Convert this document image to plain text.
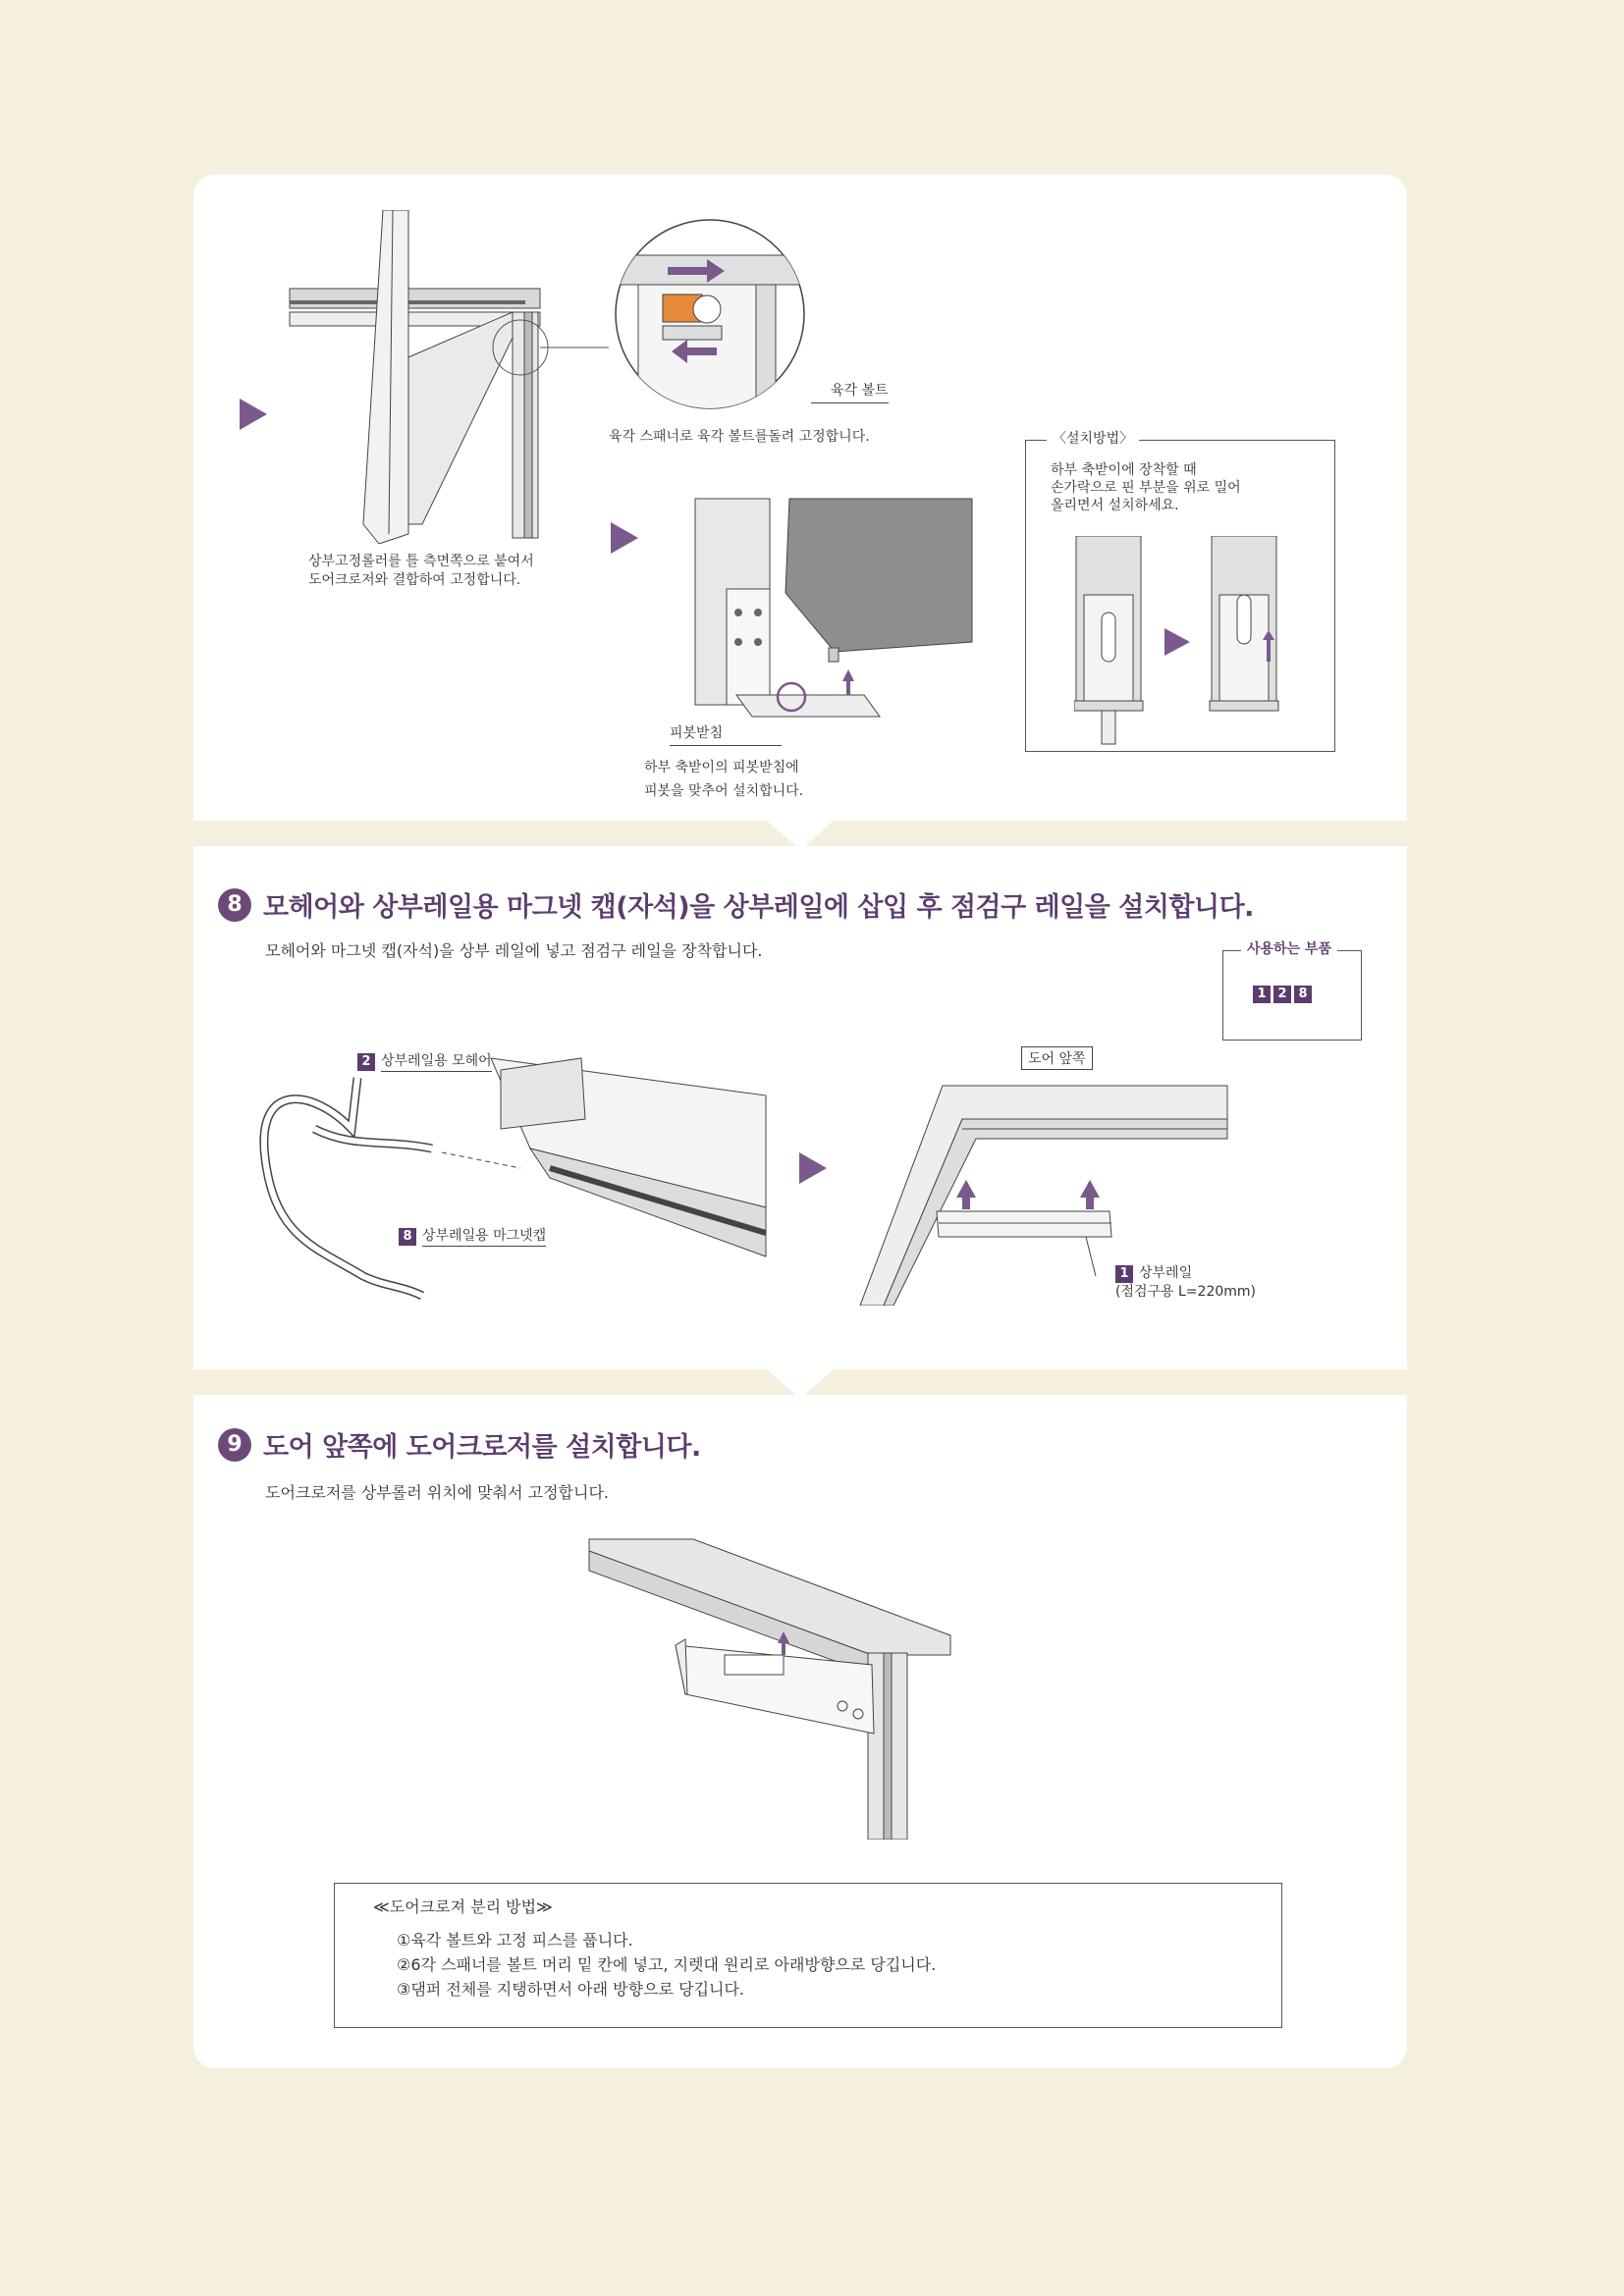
상부고정롤러를 틀 측면쪽으로 붙여서
도어크로저와 결합하여 고정합니다.
육각 볼트
육각 스패너로 육각 볼트를돌려 고정합니다.
피봇받침
하부 축받이의 피봇받침에
피봇을 맞추어 설치합니다.
〈설치방법〉
하부 축받이에 장착할 때
손가락으로 핀 부분을 위로 밀어
올리면서 설치하세요.
8 모헤어와 상부레일용 마그넷 캡(자석)을 상부레일에 삽입 후 점검구 레일을 설치합니다.
모헤어와 마그넷 캡(자석)을 상부 레일에 넣고 점검구 레일을 장착합니다.	사용하는 부품
1 2 8
2 상부레일용 모헤어
8 상부레일용 마그넷캡
도어 앞쪽
1 상부레일
(점검구용 L=220mm)
9 도어 앞쪽에 도어크로저를 설치합니다.
도어크로저를 상부롤러 위치에 맞춰서 고정합니다.
≪도어크로져 분리 방법≫
①육각 볼트와 고정 피스를 풉니다.
②6각 스패너를 볼트 머리 밑 칸에 넣고, 지렛대 원리로 아래방향으로 당깁니다.
③댐퍼 전체를 지탱하면서 아래 방향으로 당깁니다.
